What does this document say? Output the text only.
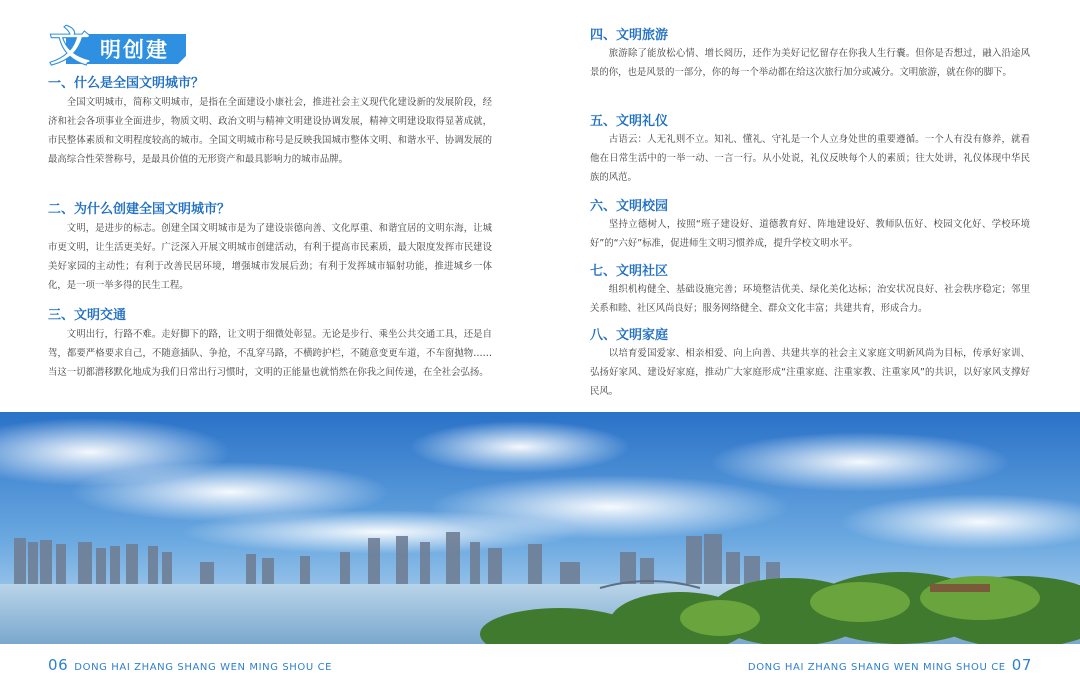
文 明创建
一、什么是全国文明城市？
全国文明城市，简称文明城市，是指在全面建设小康社会，推进社会主义现代化建设新的发展阶段，经济和社会各项事业全面进步，物质文明、政治文明与精神文明建设协调发展，精神文明建设取得显著成就，市民整体素质和文明程度较高的城市。全国文明城市称号是反映我国城市整体文明、和谐水平、协调发展的最高综合性荣誉称号，是最具价值的无形资产和最具影响力的城市品牌。
二、为什么创建全国文明城市？
文明，是进步的标志。创建全国文明城市是为了建设崇德向善、文化厚重、和谐宜居的文明东海，让城市更文明，让生活更美好。广泛深入开展文明城市创建活动，有利于提高市民素质，最大限度发挥市民建设美好家园的主动性；有利于改善民居环境，增强城市发展后劲；有利于发挥城市辐射功能，推进城乡一体化，是一项一举多得的民生工程。
三、文明交通
文明出行，行路不难。走好脚下的路，让文明于细微处彰显。无论是步行、乘坐公共交通工具，还是自驾，都要严格要求自己，不随意插队、争抢，不乱穿马路，不横跨护栏，不随意变更车道，不车窗抛物……当这一切都潜移默化地成为我们日常出行习惯时，文明的正能量也就悄然在你我之间传递，在全社会弘扬。
四、文明旅游
旅游除了能放松心情、增长阅历，还作为美好记忆留存在你我人生行囊。但你是否想过，融入沿途风景的你，也是风景的一部分，你的每一个举动都在给这次旅行加分或减分。文明旅游，就在你的脚下。
五、文明礼仪
古语云：人无礼则不立。知礼、懂礼、守礼是一个人立身处世的重要遵循。一个人有没有修养，就看他在日常生活中的一举一动、一言一行。从小处说，礼仪反映每个人的素质；往大处讲，礼仪体现中华民族的风范。
六、文明校园
坚持立德树人，按照“班子建设好、道德教育好、阵地建设好、教师队伍好、校园文化好、学校环境好”的“六好”标准，促进师生文明习惯养成，提升学校文明水平。
七、文明社区
组织机构健全、基础设施完善；环境整洁优美、绿化美化达标；治安状况良好、社会秩序稳定；邻里关系和睦、社区风尚良好；服务网络健全、群众文化丰富；共建共育，形成合力。
八、文明家庭
以培育爱国爱家、相亲相爱、向上向善、共建共享的社会主义家庭文明新风尚为目标，传承好家训、弘扬好家风、建设好家庭，推动广大家庭形成“注重家庭、注重家教、注重家风”的共识，以好家风支撑好民风。
06 DONG HAI ZHANG SHANG WEN MING SHOU CE	DONG HAI ZHANG SHANG WEN MING SHOU CE 07
